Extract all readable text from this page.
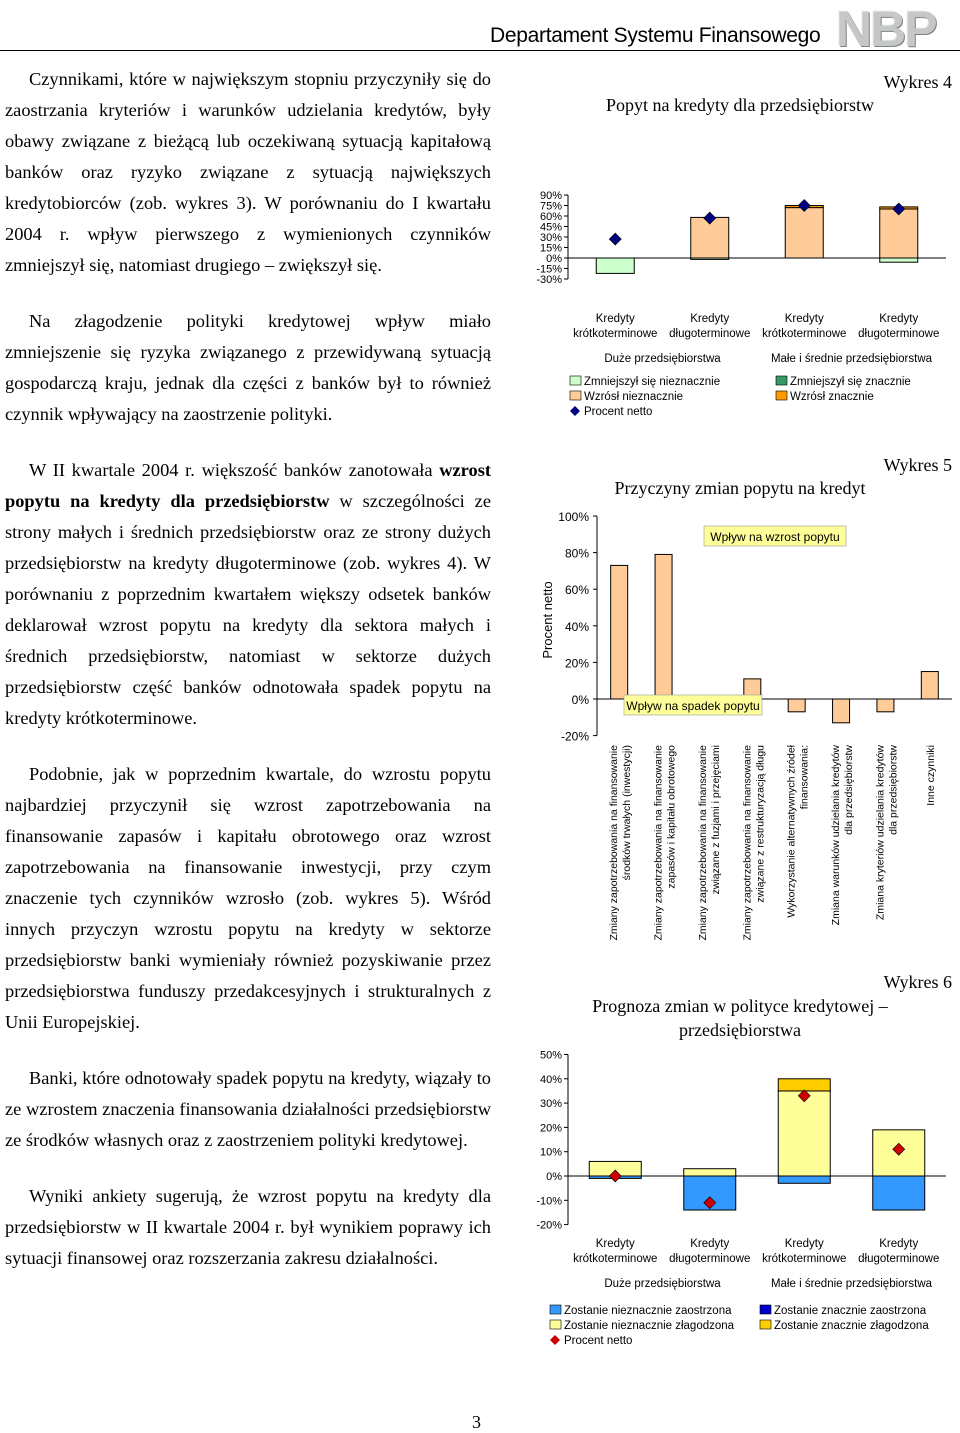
Departament Systemu Finansowego NBP

Czynnikami, które w największym stopniu przyczyniły się do zaostrzania kryteriów i warunków udzielania kredytów, były obawy związane z bieżącą lub oczekiwaną sytuacją kapitałową banków oraz ryzyko związane z sytuacją największych kredytobiorców (zob. wykres 3). W porównaniu do I kwartału 2004 r. wpływ pierwszego z wymienionych czynników zmniejszył się, natomiast drugiego – zwiększył się.

Na złagodzenie polityki kredytowej wpływ miało zmniejszenie się ryzyka związanego z przewidywaną sytuacją gospodarczą kraju, jednak dla części z banków był to również czynnik wpływający na zaostrzenie polityki.

W II kwartale 2004 r. większość banków zanotowała wzrost popytu na kredyty dla przedsiębiorstw w szczególności ze strony małych i średnich przedsiębiorstw oraz ze strony dużych przedsiębiorstw na kredyty długoterminowe (zob. wykres 4). W porównaniu z poprzednim kwartałem większy odsetek banków deklarował wzrost popytu na kredyty dla sektora małych i średnich przedsiębiorstw, natomiast w sektorze dużych przedsiębiorstw część banków odnotowała spadek popytu na kredyty krótkoterminowe.

Podobnie, jak w poprzednim kwartale, do wzrostu popytu najbardziej przyczynił się wzrost zapotrzebowania na finansowanie zapasów i kapitału obrotowego oraz wzrost zapotrzebowania na finansowanie inwestycji, przy czym znaczenie tych czynników wzrosło (zob. wykres 5). Wśród innych przyczyn wzrostu popytu na kredyty w sektorze przedsiębiorstw banki wymieniały również pozyskiwanie przez przedsiębiorstwa funduszy przedakcesyjnych i strukturalnych z Unii Europejskiej.

Banki, które odnotowały spadek popytu na kredyty, wiązały to ze wzrostem znaczenia finansowania działalności przedsiębiorstw ze środków własnych oraz z zaostrzeniem polityki kredytowej.

Wyniki ankiety sugerują, że wzrost popytu na kredyty dla przedsiębiorstw w II kwartale 2004 r. był wynikiem poprawy ich sytuacji finansowej oraz rozszerzania zakresu działalności.

Wykres 4
Popyt na kredyty dla przedsiębiorstw
90%
75%
60%
45%
30%
15%
0%
-15%
-30%
Kredyty
krótkoterminowe
Kredyty
długoterminowe
Kredyty
krótkoterminowe
Kredyty
długoterminowe
Duże przedsiębiorstwa	Małe i średnie przedsiębiorstwa
Zmniejszył się nieznacznie
Wzrósł nieznacznie
Procent netto
Zmniejszył się znacznie
Wzrósł znacznie
Wykres 6
Prognoza zmian w polityce kredytowej –
50%
40%
30%
20%
10%
0%
-10%
-20%
Kredyty
krótkoterminowe
Kredyty
długoterminowe
Kredyty
krótkoterminowe
Kredyty
długoterminowe
Duże przedsiębiorstwa	Małe i średnie przedsiębiorstwa
Zostanie nieznacznie zaostrzona
Zostanie nieznacznie złagodzona
Procent netto
Zostanie znacznie zaostrzona
Zostanie znacznie złagodzona
przedsiębiorstwa
Wykres 5
Przyczyny zmian popytu na kredyt
Procent netto
100%
80%
60%
40%
20%
0%
-20%
Zmiany zapotrzebowania na finansowanie środków trwałych (inwestycji) Zmiany zapotrzebowania na finansowanie zapasów i kapitału obrotowego Zmiany zapotrzebowania na finansowanie związane z fuzjami i przejęciami Zmiany zapotrzebowania na finansowanie związane z restrukturyzacją długu Wykorzystanie alternatywnych źródeł finansowania: Zmiana warunków udzielania kredytów dla przedsiębiorstw Zmiana kryteriów udzielania kredytów dla przedsiębiorstw Inne czynniki
Wpływ na wzrost popytu
Wpływ na spadek popytu
3
